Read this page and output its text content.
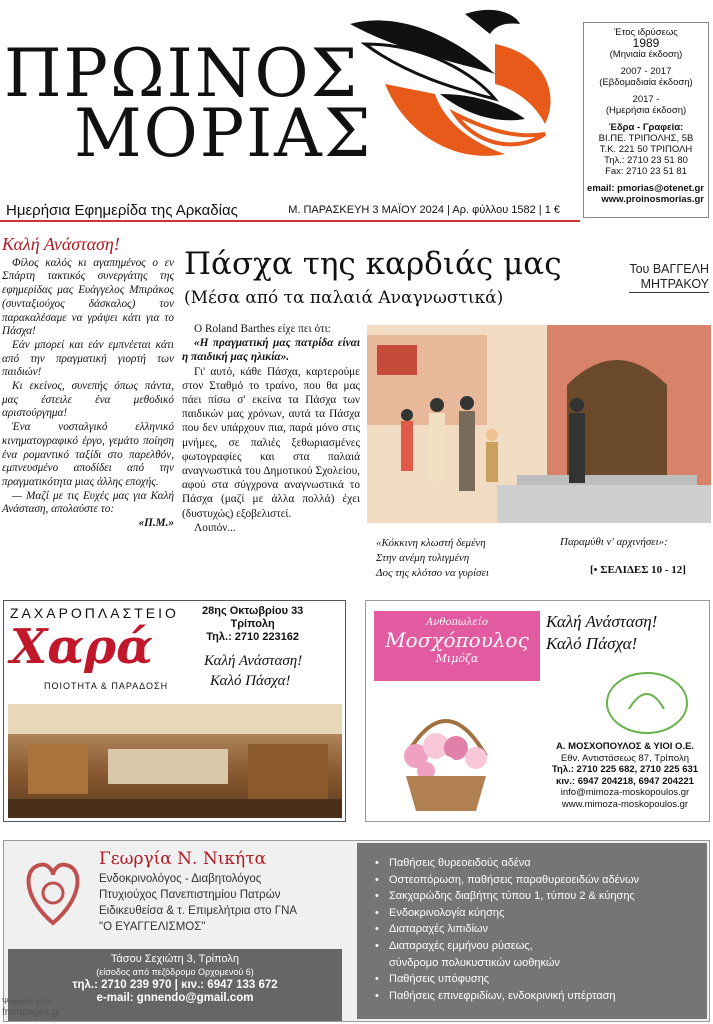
ΠΡΩΙΝΟΣ
ΜΟΡΙΑΣ
Έτος ιδρύσεως
1989
(Μηνιαία έκδοση)
2007 - 2017
(Εβδομαδιαία έκδοση)
2017 -
(Ημερήσια έκδοση)
Έδρα - Γραφεία:
ΒΙ.ΠΕ. ΤΡΙΠΟΛΗΣ, 5Β
Τ.Κ. 221 50 ΤΡΙΠΟΛΗ
Τηλ.: 2710 23 51 80
Fax: 2710 23 51 81
email: pmorias@otenet.gr
www.proinosmorias.gr
Ημερήσια Εφημερίδα της Αρκαδίας	Μ. ΠΑΡΑΣΚΕΥΗ 3 ΜΑΪΟΥ 2024 | Αρ. φύλλου 1582 | 1 €
Καλή Ανάσταση!

Φίλος καλός κι αγαπημένος ο εν Σπάρτη τακτικός συνεργάτης της εφημερίδας μας Ευάγγελος Μπιράκος (συνταξιούχος δάσκαλος) τον παρακαλέσαμε να γράψει κάτι για το Πάσχα!

Εάν μπορεί και εάν εμπνέεται κάτι από την πραγματική γιορτή των παιδιών!

Κι εκείνος, συνεπής όπως πάντα, μας έστειλε ένα μεθοδικό αριστούργημα!

Ένα νοσταλγικό ελληνικό κινηματογραφικό έργο, γεμάτο ποίηση ένα ρομαντικό ταξίδι στο παρελθόν, εμπνευσμένο αποδίδει από την πραγματικότητα μιας άλλης εποχής.

— Μαζί με τις Ευχές μας για Καλή Ανάσταση, απολαύστε το:

«Π.Μ.»

Πάσχα της καρδιάς μας
(Μέσα από τα παλαιά Αναγνωστικά)
Του ΒΑΓΓΕΛΗ
ΜΗΤΡΑΚΟΥ

Ο Roland Barthes είχε πει ότι:

«Η πραγματική μας πατρίδα είναι η παιδική μας ηλικία».

Γι' αυτό, κάθε Πάσχα, καρτερούμε στον Σταθμό το τραίνο, που θα μας πάει πίσω σ' εκείνα τα Πάσχα των παιδικών μας χρόνων, αυτά τα Πάσχα που δεν υπάρχουν πια, παρά μόνο στις μνήμες, σε παλιές ξεθωριασμένες φωτογραφίες και στα παλαιά αναγνωστικά του Δημοτικού Σχολείου, αφού στα σύγχρονα αναγνωστικά το Πάσχα (μαζί με άλλα πολλά) έχει (δυστυχώς) εξοβελιστεί.

Λοιπόν...

«Κόκκινη κλωστή δεμένη
Στην ανέμη τυλιγμένη
Δος της κλότσο να γυρίσει
Παραμύθι ν' αρχινήσει»:
[• ΣΕΛΙΔΕΣ 10 - 12]
ΖΑΧΑΡΟΠΛΑΣΤΕΙΟ
Χαρά
ΠΟΙΟΤΗΤΑ & ΠΑΡΑΔΟΣΗ
28ης Οκτωβρίου 33
Τρίπολη
Τηλ.: 2710 223162
Καλή Ανάσταση!
Καλό Πάσχα!
Ανθοπωλείο
Μοσχόπουλος
Μιμόζα
Καλή Ανάσταση!
Καλό Πάσχα!
Α. ΜΟΣΧΟΠΟΥΛΟΣ & ΥΙΟΙ Ο.Ε.
Εθν. Αντιστάσεως 87, Τρίπολη
Τηλ.: 2710 225 682, 2710 225 631
κιν.: 6947 204218, 6947 204221
info@mimoza-moskopoulos.gr
www.mimoza-moskopoulos.gr
Γεωργία Ν. Νικήτα
Ενδοκρινολόγος - Διαβητολόγος
Πτυχιούχος Πανεπιστημίου Πατρών
Ειδικευθείσα & τ. Επιμελήτρια στο ΓΝΑ
"Ο ΕΥΑΓΓΕΛΙΣΜΟΣ"
Τάσου Σεχιώτη 3, Τρίπολη
(είσοδος από πεζόδρομο Ορχομενού 6)
τηλ.: 2710 239 970 | κιν.: 6947 133 672
e-mail: gnnendo@gmail.com
• Παθήσεις θυρεοειδούς αδένα
• Οστεοπόρωση, παθήσεις παραθυρεοειδών αδένων
• Σακχαρώδης διαβήτης τύπου 1, τύπου 2 & κύησης
• Ενδοκρινολογία κύησης
• Διαταραχές λιπιδίων
• Διαταραχές εμμήνου ρύσεως,
σύνδρομο πολυκυστικών ωοθηκών
• Παθήσεις υπόφυσης
• Παθήσεις επινεφριδίων, ενδοκρινική υπέρταση
Ψηφιακό από
frontpages.gr
